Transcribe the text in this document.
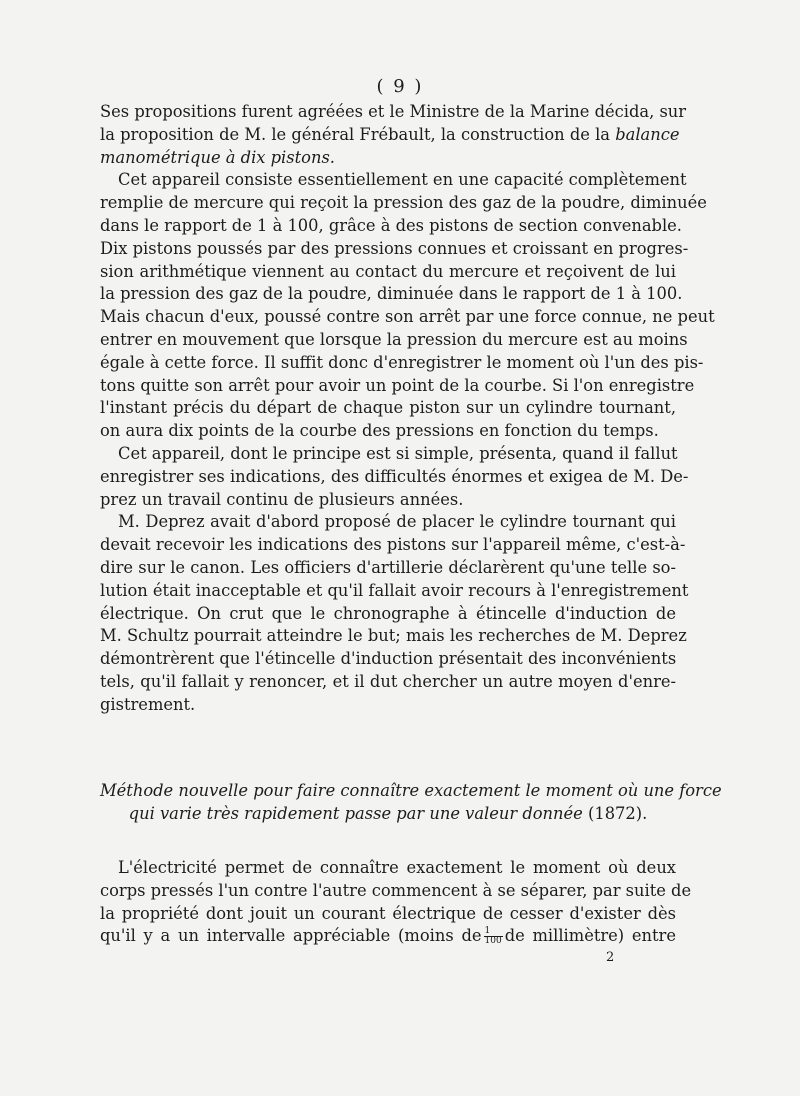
( 9 )
Ses propositions furent agréées et le Ministre de la Marine décida, sur
la proposition de M. le général Frébault, la construction de la balance
manométrique à dix pistons.
Cet appareil consiste essentiellement en une capacité complètement
remplie de mercure qui reçoit la pression des gaz de la poudre, diminuée
dans le rapport de 1 à 100, grâce à des pistons de section convenable.
Dix pistons poussés par des pressions connues et croissant en progres-
sion arithmétique viennent au contact du mercure et reçoivent de lui
la pression des gaz de la poudre, diminuée dans le rapport de 1 à 100.
Mais chacun d'eux, poussé contre son arrêt par une force connue, ne peut
entrer en mouvement que lorsque la pression du mercure est au moins
égale à cette force. Il suffit donc d'enregistrer le moment où l'un des pis-
tons quitte son arrêt pour avoir un point de la courbe. Si l'on enregistre
l'instant précis du départ de chaque piston sur un cylindre tournant,
on aura dix points de la courbe des pressions en fonction du temps.
Cet appareil, dont le principe est si simple, présenta, quand il fallut
enregistrer ses indications, des difficultés énormes et exigea de M. De-
prez un travail continu de plusieurs années.
M. Deprez avait d'abord proposé de placer le cylindre tournant qui
devait recevoir les indications des pistons sur l'appareil même, c'est-à-
dire sur le canon. Les officiers d'artillerie déclarèrent qu'une telle so-
lution était inacceptable et qu'il fallait avoir recours à l'enregistrement
électrique. On crut que le chronographe à étincelle d'induction de
M. Schultz pourrait atteindre le but; mais les recherches de M. Deprez
démontrèrent que l'étincelle d'induction présentait des inconvénients
tels, qu'il fallait y renoncer, et il dut chercher un autre moyen d'enre-
gistrement.
Méthode nouvelle pour faire connaître exactement le moment où une force
qui varie très rapidement passe par une valeur donnée (1872).
L'électricité permet de connaître exactement le moment où deux
corps pressés l'un contre l'autre commencent à se séparer, par suite de
la propriété dont jouit un courant électrique de cesser d'exister dès
qu'il y a un intervalle appréciable (moins de $\frac{1}{100}$ de millimètre) entre
2
